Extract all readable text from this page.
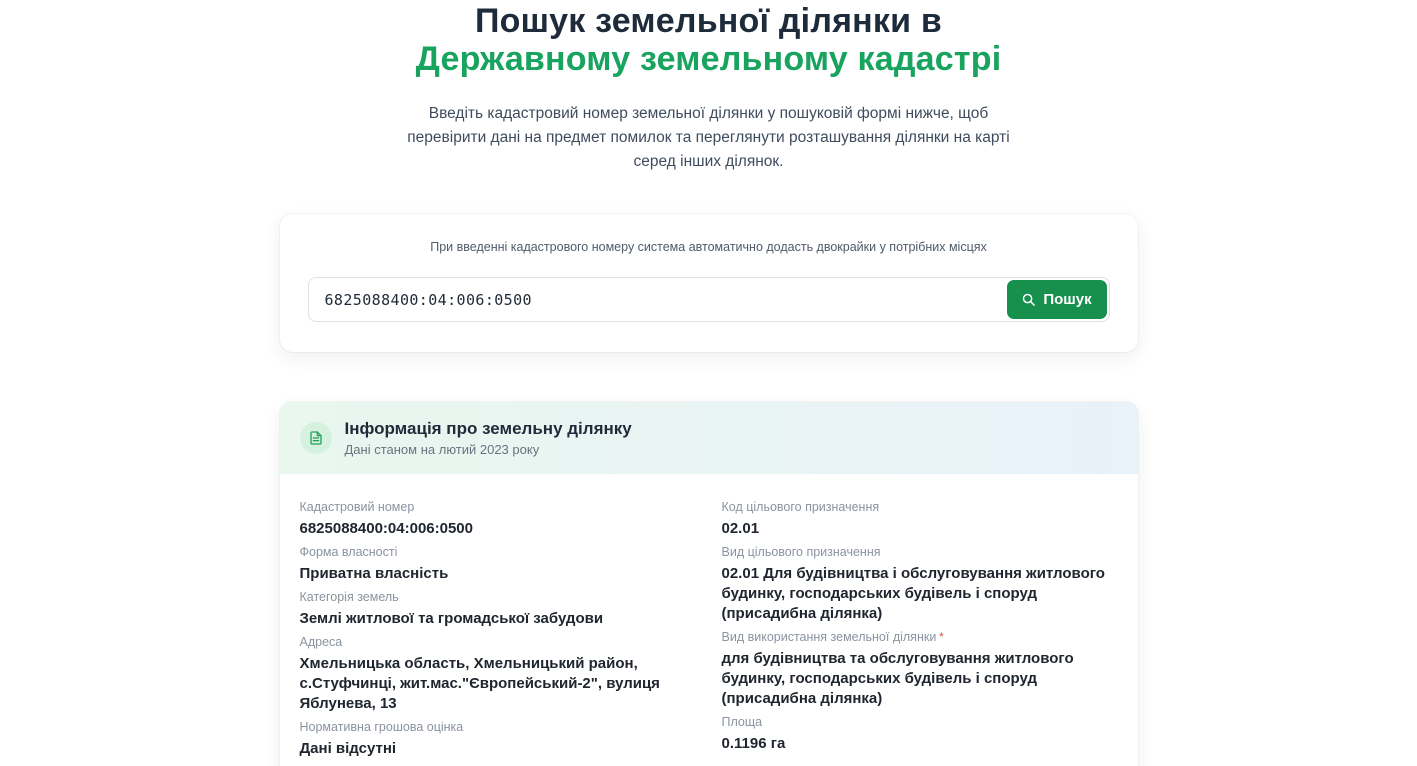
Пошук земельної ділянки в
Державному земельному кадастрі

Введіть кадастровий номер земельної ділянки у пошуковій формі нижче, щоб перевірити дані на предмет помилок та переглянути розташування ділянки на карті серед інших ділянок.

При введенні кадастрового номеру система автоматично додасть двокрайки у потрібних місцях
6825088400:04:006:0500
Пошук
Інформація про земельну ділянку

Дані станом на лютий 2023 року

Кадастровий номер
6825088400:04:006:0500
Форма власності
Приватна власність
Категорія земель
Землі житлової та громадської забудови
Адреса
Хмельницька область, Хмельницький район, с.Стуфчинці, жит.мас."Європейський-2", вулиця Яблунева, 13
Нормативна грошова оцінка
Дані відсутні
Код цільового призначення
02.01
Вид цільового призначення
02.01 Для будівництва і обслуговування житлового будинку, господарських будівель і споруд (присадибна ділянка)
Вид використання земельної ділянки *
для будівництва та обслуговування житлового будинку, господарських будівель і споруд (присадибна ділянка)
Площа
0.1196 га
